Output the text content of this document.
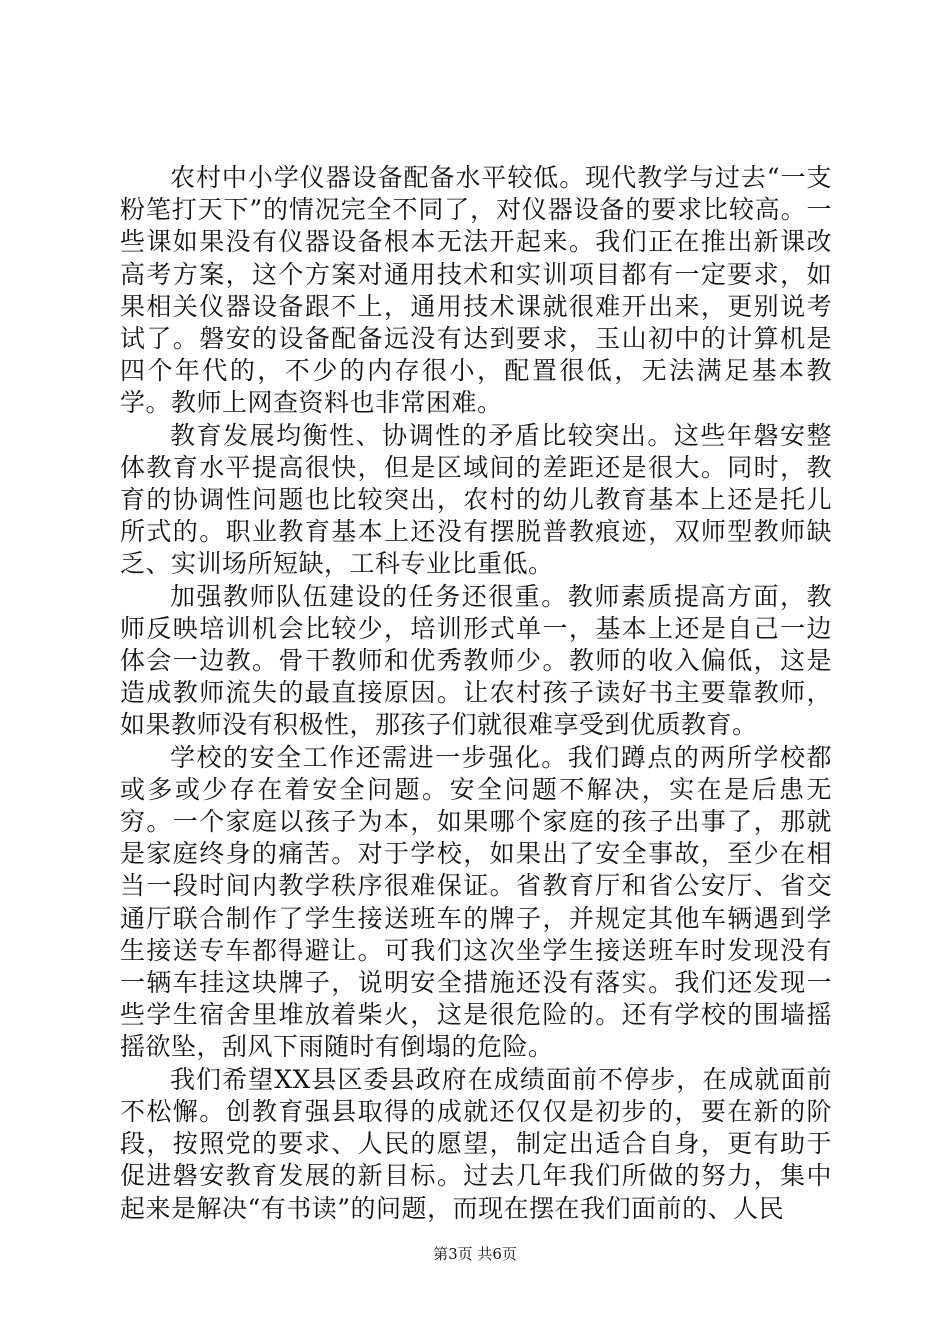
农村中小学仪器设备配备水平较低。现代教学与过去“一支粉笔打天下”的情况完全不同了，对仪器设备的要求比较高。一些课如果没有仪器设备根本无法开起来。我们正在推出新课改高考方案，这个方案对通用技术和实训项目都有一定要求，如果相关仪器设备跟不上，通用技术课就很难开出来，更别说考试了。磐安的设备配备远没有达到要求，玉山初中的计算机是四个年代的，不少的内存很小，配置很低，无法满足基本教学。教师上网查资料也非常困难。

教育发展均衡性、协调性的矛盾比较突出。这些年磐安整体教育水平提高很快，但是区域间的差距还是很大。同时，教育的协调性问题也比较突出，农村的幼儿教育基本上还是托儿所式的。职业教育基本上还没有摆脱普教痕迹，双师型教师缺乏、实训场所短缺，工科专业比重低。

加强教师队伍建设的任务还很重。教师素质提高方面，教师反映培训机会比较少，培训形式单一，基本上还是自己一边体会一边教。骨干教师和优秀教师少。教师的收入偏低，这是造成教师流失的最直接原因。让农村孩子读好书主要靠教师，如果教师没有积极性，那孩子们就很难享受到优质教育。

学校的安全工作还需进一步强化。我们蹲点的两所学校都或多或少存在着安全问题。安全问题不解决，实在是后患无穷。一个家庭以孩子为本，如果哪个家庭的孩子出事了，那就是家庭终身的痛苦。对于学校，如果出了安全事故，至少在相当一段时间内教学秩序很难保证。省教育厅和省公安厅、省交通厅联合制作了学生接送班车的牌子，并规定其他车辆遇到学生接送专车都得避让。可我们这次坐学生接送班车时发现没有一辆车挂这块牌子，说明安全措施还没有落实。我们还发现一些学生宿舍里堆放着柴火，这是很危险的。还有学校的围墙摇摇欲坠，刮风下雨随时有倒塌的危险。

我们希望XX县区委县政府在成绩面前不停步，在成就面前不松懈。创教育强县取得的成就还仅仅是初步的，要在新的阶段，按照党的要求、人民的愿望，制定出适合自身，更有助于促进磐安教育发展的新目标。过去几年我们所做的努力，集中起来是解决“有书读”的问题，而现在摆在我们面前的、人民

第3页 共6页
